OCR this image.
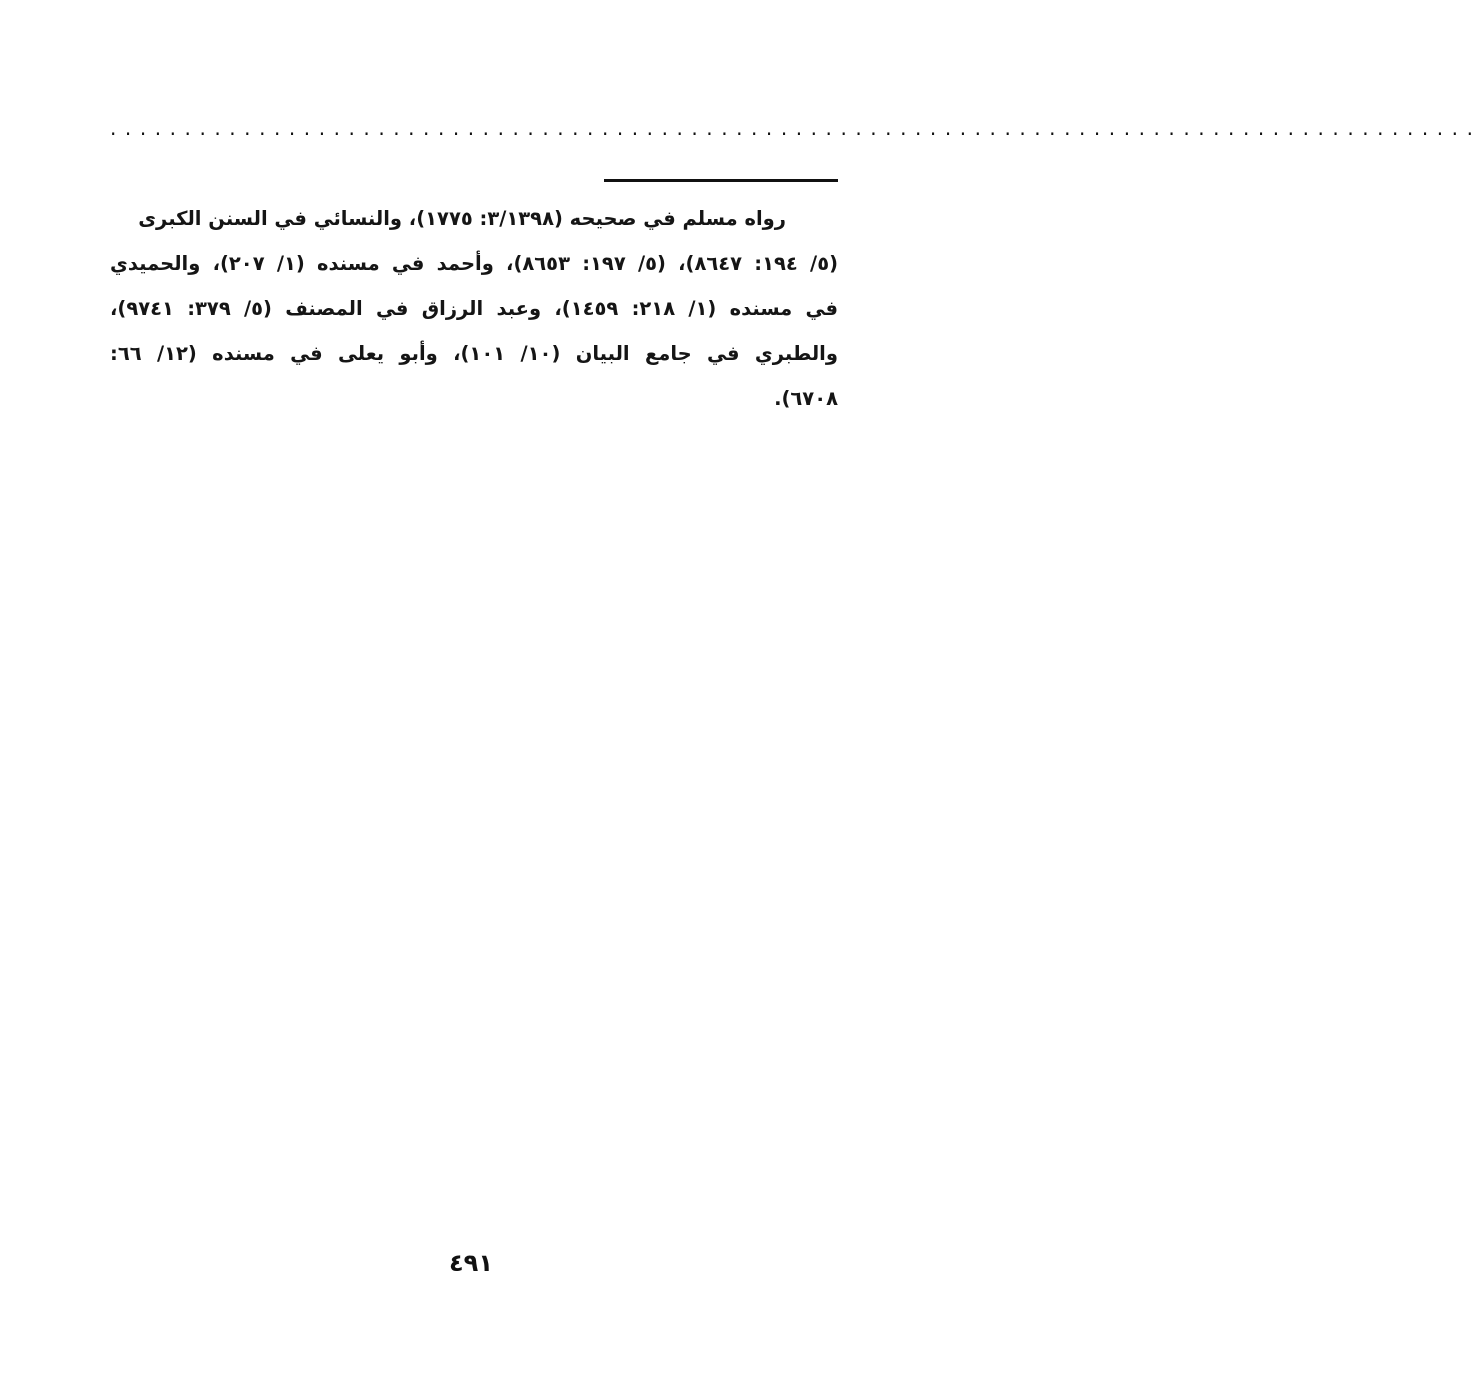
............................................................................................
رواه مسلم في صحيحه (٣/١٣٩٨: ١٧٧٥)، والنسائي في السنن الكبرى
(٥/ ١٩٤: ٨٦٤٧)، (٥/ ١٩٧: ٨٦٥٣)، وأحمد في مسنده (١/ ٢٠٧)، والحميدي
في مسنده (١/ ٢١٨: ١٤٥٩)، وعبد الرزاق في المصنف (٥/ ٣٧٩: ٩٧٤١)،
والطبري في جامع البيان (١٠/ ١٠١)، وأبو يعلى في مسنده (١٢/ ٦٦:
٦٧٠٨).
٤٩١
